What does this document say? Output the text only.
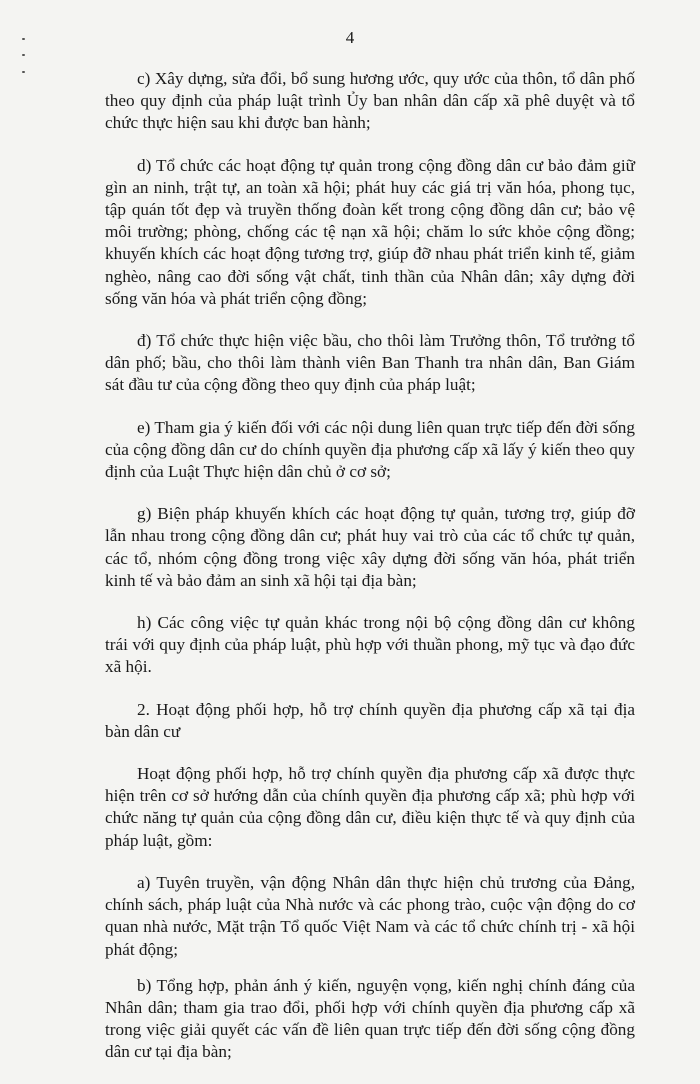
4

c) Xây dựng, sửa đổi, bổ sung hương ước, quy ước của thôn, tổ dân phố theo quy định của pháp luật trình Ủy ban nhân dân cấp xã phê duyệt và tổ chức thực hiện sau khi được ban hành;

d) Tổ chức các hoạt động tự quản trong cộng đồng dân cư bảo đảm giữ gìn an ninh, trật tự, an toàn xã hội; phát huy các giá trị văn hóa, phong tục, tập quán tốt đẹp và truyền thống đoàn kết trong cộng đồng dân cư; bảo vệ môi trường; phòng, chống các tệ nạn xã hội; chăm lo sức khỏe cộng đồng; khuyến khích các hoạt động tương trợ, giúp đỡ nhau phát triển kinh tế, giảm nghèo, nâng cao đời sống vật chất, tinh thần của Nhân dân; xây dựng đời sống văn hóa và phát triển cộng đồng;

đ) Tổ chức thực hiện việc bầu, cho thôi làm Trưởng thôn, Tổ trưởng tổ dân phố; bầu, cho thôi làm thành viên Ban Thanh tra nhân dân, Ban Giám sát đầu tư của cộng đồng theo quy định của pháp luật;

e) Tham gia ý kiến đối với các nội dung liên quan trực tiếp đến đời sống của cộng đồng dân cư do chính quyền địa phương cấp xã lấy ý kiến theo quy định của Luật Thực hiện dân chủ ở cơ sở;

g) Biện pháp khuyến khích các hoạt động tự quản, tương trợ, giúp đỡ lẫn nhau trong cộng đồng dân cư; phát huy vai trò của các tổ chức tự quản, các tổ, nhóm cộng đồng trong việc xây dựng đời sống văn hóa, phát triển kinh tế và bảo đảm an sinh xã hội tại địa bàn;

h) Các công việc tự quản khác trong nội bộ cộng đồng dân cư không trái với quy định của pháp luật, phù hợp với thuần phong, mỹ tục và đạo đức xã hội.

2. Hoạt động phối hợp, hỗ trợ chính quyền địa phương cấp xã tại địa bàn dân cư

Hoạt động phối hợp, hỗ trợ chính quyền địa phương cấp xã được thực hiện trên cơ sở hướng dẫn của chính quyền địa phương cấp xã; phù hợp với chức năng tự quản của cộng đồng dân cư, điều kiện thực tế và quy định của pháp luật, gồm:

a) Tuyên truyền, vận động Nhân dân thực hiện chủ trương của Đảng, chính sách, pháp luật của Nhà nước và các phong trào, cuộc vận động do cơ quan nhà nước, Mặt trận Tổ quốc Việt Nam và các tổ chức chính trị - xã hội phát động;

b) Tổng hợp, phản ánh ý kiến, nguyện vọng, kiến nghị chính đáng của Nhân dân; tham gia trao đổi, phối hợp với chính quyền địa phương cấp xã trong việc giải quyết các vấn đề liên quan trực tiếp đến đời sống cộng đồng dân cư tại địa bàn;
